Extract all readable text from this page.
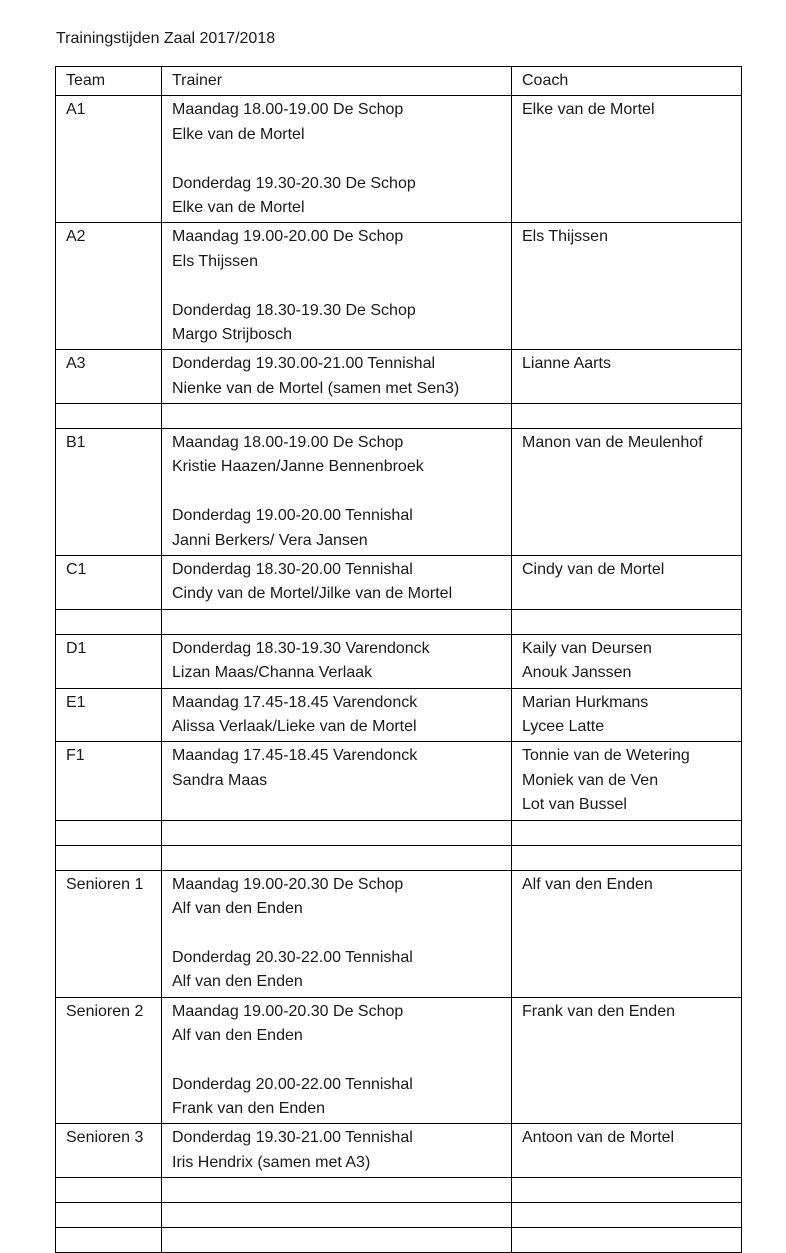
Trainingstijden Zaal 2017/2018
Team	Trainer	Coach
A1	Maandag 18.00-19.00 De Schop
Elke van de Mortel
Donderdag 19.30-20.30 De Schop
Elke van de Mortel	Elke van de Mortel

A2	Maandag 19.00-20.00 De Schop
Els Thijssen
Donderdag 18.30-19.30 De Schop
Margo Strijbosch	Els Thijssen

A3	Donderdag 19.30.00-21.00 Tennishal
Nienke van de Mortel (samen met Sen3)	Lianne Aarts

B1	Maandag 18.00-19.00 De Schop
Kristie Haazen/Janne Bennenbroek
Donderdag 19.00-20.00 Tennishal
Janni Berkers/ Vera Jansen	Manon van de Meulenhof

C1	Donderdag 18.30-20.00 Tennishal
Cindy van de Mortel/Jilke van de Mortel	Cindy van de Mortel

D1	Donderdag 18.30-19.30 Varendonck
Lizan Maas/Channa Verlaak	Kaily van Deursen
Anouk Janssen

E1	Maandag 17.45-18.45 Varendonck
Alissa Verlaak/Lieke van de Mortel	Marian Hurkmans
Lycee Latte

F1	Maandag 17.45-18.45 Varendonck
Sandra Maas	Tonnie van de Wetering
Moniek van de Ven
Lot van Bussel

Senioren 1	Maandag 19.00-20.30 De Schop
Alf van den Enden
Donderdag 20.30-22.00 Tennishal
Alf van den Enden	Alf van den Enden

Senioren 2	Maandag 19.00-20.30 De Schop
Alf van den Enden
Donderdag 20.00-22.00 Tennishal
Frank van den Enden	Frank van den Enden

Senioren 3	Donderdag 19.30-21.00 Tennishal
Iris Hendrix (samen met A3)	Antoon van de Mortel
